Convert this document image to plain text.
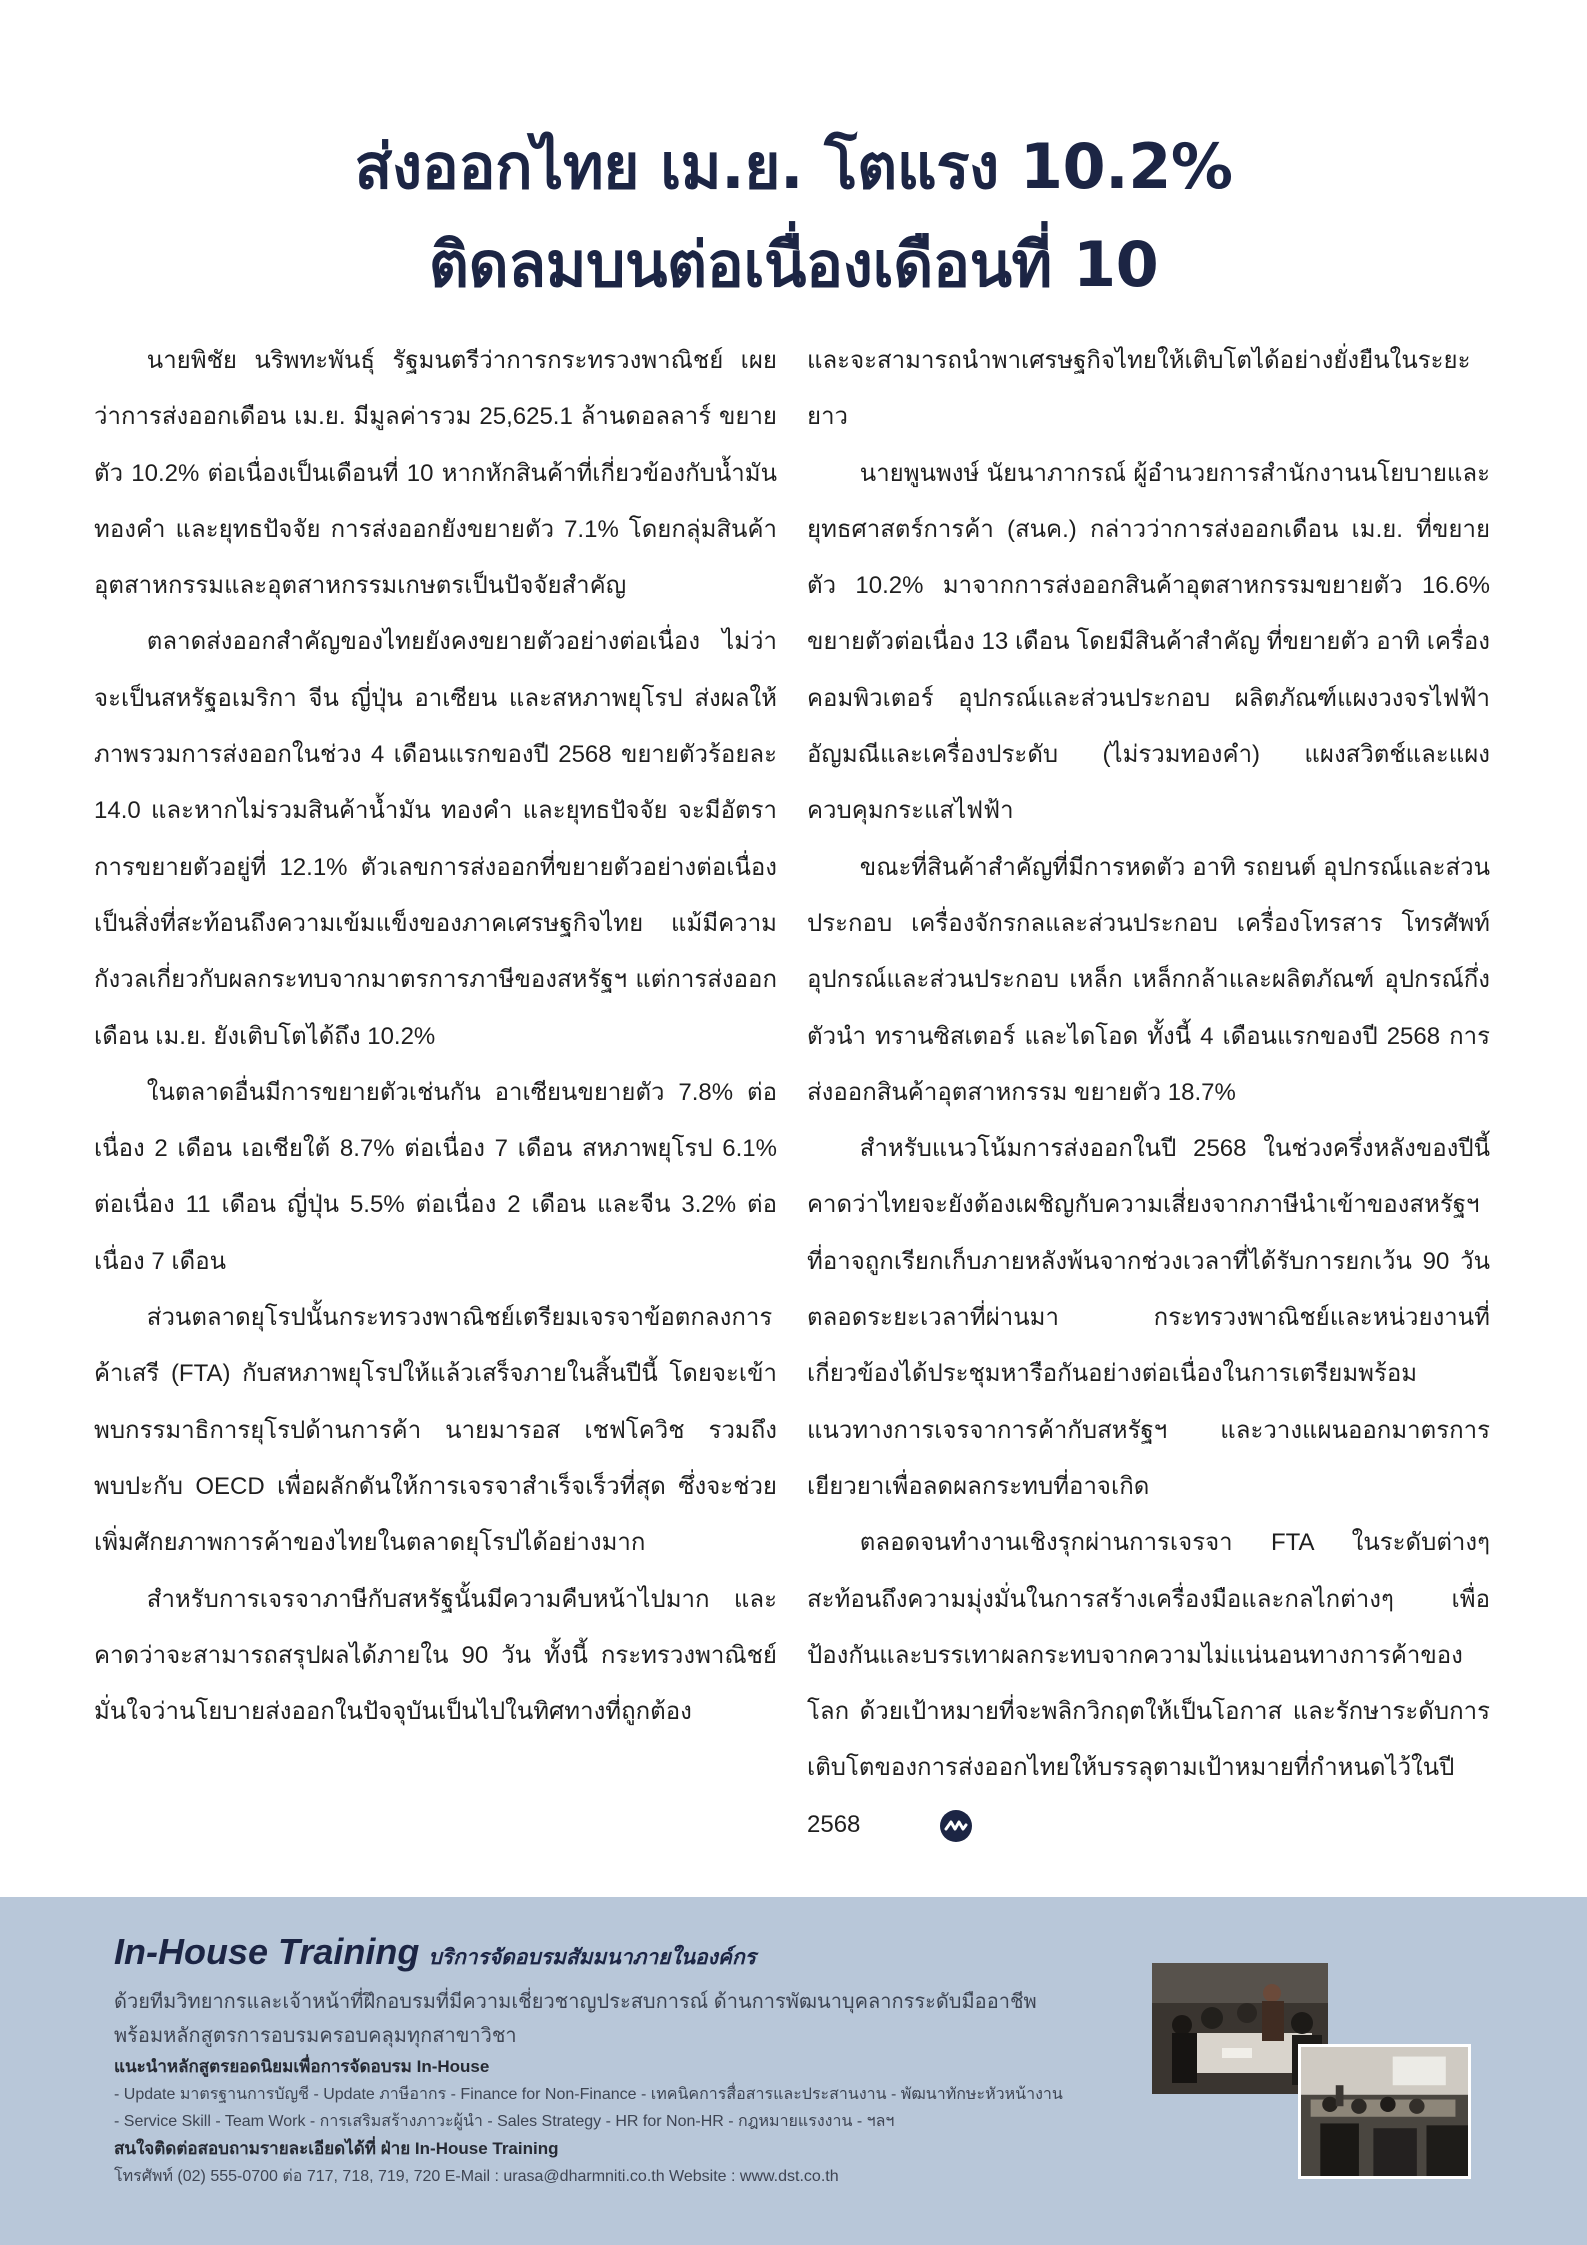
ส่งออกไทย เม.ย. โตแรง 10.2%
ติดลมบนต่อเนื่องเดือนที่ 10

นายพิชัย นริพทะพันธุ์ รัฐมนตรีว่าการกระทรวงพาณิชย์ เผยว่าการส่งออกเดือน เม.ย. มีมูลค่ารวม 25,625.1 ล้านดอลลาร์ ขยายตัว 10.2% ต่อเนื่องเป็นเดือนที่ 10 หากหักสินค้าที่เกี่ยวข้องกับน้ำมัน ทองคำ และยุทธปัจจัย การส่งออกยังขยายตัว 7.1% โดยกลุ่มสินค้าอุตสาหกรรมและอุตสาหกรรมเกษตรเป็นปัจจัยสำคัญ

ตลาดส่งออกสำคัญของไทยยังคงขยายตัวอย่างต่อเนื่อง ไม่ว่าจะเป็นสหรัฐอเมริกา จีน ญี่ปุ่น อาเซียน และสหภาพยุโรป ส่งผลให้ภาพรวมการส่งออกในช่วง 4 เดือนแรกของปี 2568 ขยายตัวร้อยละ 14.0 และหากไม่รวมสินค้าน้ำมัน ทองคำ และยุทธปัจจัย จะมีอัตราการขยายตัวอยู่ที่ 12.1% ตัวเลขการส่งออกที่ขยายตัวอย่างต่อเนื่องเป็นสิ่งที่สะท้อนถึงความเข้มแข็งของภาคเศรษฐกิจไทย แม้มีความกังวลเกี่ยวกับผลกระทบจากมาตรการภาษีของสหรัฐฯ แต่การส่งออกเดือน เม.ย. ยังเติบโตได้ถึง 10.2%

ในตลาดอื่นมีการขยายตัวเช่นกัน อาเซียนขยายตัว 7.8% ต่อเนื่อง 2 เดือน เอเชียใต้ 8.7% ต่อเนื่อง 7 เดือน สหภาพยุโรป 6.1% ต่อเนื่อง 11 เดือน ญี่ปุ่น 5.5% ต่อเนื่อง 2 เดือน และจีน 3.2% ต่อเนื่อง 7 เดือน

ส่วนตลาดยุโรปนั้นกระทรวงพาณิชย์เตรียมเจรจาข้อตกลงการค้าเสรี (FTA) กับสหภาพยุโรปให้แล้วเสร็จภายในสิ้นปีนี้ โดยจะเข้าพบกรรมาธิการยุโรปด้านการค้า นายมารอส เชฟโควิช รวมถึงพบปะกับ OECD เพื่อผลักดันให้การเจรจาสำเร็จเร็วที่สุด ซึ่งจะช่วยเพิ่มศักยภาพการค้าของไทยในตลาดยุโรปได้อย่างมาก

สำหรับการเจรจาภาษีกับสหรัฐนั้นมีความคืบหน้าไปมาก และคาดว่าจะสามารถสรุปผลได้ภายใน 90 วัน ทั้งนี้ กระทรวงพาณิชย์มั่นใจว่านโยบายส่งออกในปัจจุบันเป็นไปในทิศทางที่ถูกต้อง

และจะสามารถนำพาเศรษฐกิจไทยให้เติบโตได้อย่างยั่งยืนในระยะยาว

นายพูนพงษ์ นัยนาภากรณ์ ผู้อำนวยการสำนักงานนโยบายและยุทธศาสตร์การค้า (สนค.) กล่าวว่าการส่งออกเดือน เม.ย. ที่ขยายตัว 10.2% มาจากการส่งออกสินค้าอุตสาหกรรมขยายตัว 16.6% ขยายตัวต่อเนื่อง 13 เดือน โดยมีสินค้าสำคัญ ที่ขยายตัว อาทิ เครื่องคอมพิวเตอร์ อุปกรณ์และส่วนประกอบ ผลิตภัณฑ์แผงวงจรไฟฟ้า อัญมณีและเครื่องประดับ (ไม่รวมทองคำ) แผงสวิตช์และแผงควบคุมกระแสไฟฟ้า

ขณะที่สินค้าสำคัญที่มีการหดตัว อาทิ รถยนต์ อุปกรณ์และส่วนประกอบ เครื่องจักรกลและส่วนประกอบ เครื่องโทรสาร โทรศัพท์ อุปกรณ์และส่วนประกอบ เหล็ก เหล็กกล้าและผลิตภัณฑ์ อุปกรณ์กึ่งตัวนำ ทรานซิสเตอร์ และไดโอด ทั้งนี้ 4 เดือนแรกของปี 2568 การส่งออกสินค้าอุตสาหกรรม ขยายตัว 18.7%

สำหรับแนวโน้มการส่งออกในปี 2568 ในช่วงครึ่งหลังของปีนี้ คาดว่าไทยจะยังต้องเผชิญกับความเสี่ยงจากภาษีนำเข้าของสหรัฐฯ ที่อาจถูกเรียกเก็บภายหลังพ้นจากช่วงเวลาที่ได้รับการยกเว้น 90 วัน ตลอดระยะเวลาที่ผ่านมา กระทรวงพาณิชย์และหน่วยงานที่เกี่ยวข้องได้ประชุมหารือกันอย่างต่อเนื่องในการเตรียมพร้อมแนวทางการเจรจาการค้ากับสหรัฐฯ และวางแผนออกมาตรการเยียวยาเพื่อลดผลกระทบที่อาจเกิด

ตลอดจนทำงานเชิงรุกผ่านการเจรจา FTA ในระดับต่างๆ สะท้อนถึงความมุ่งมั่นในการสร้างเครื่องมือและกลไกต่างๆ เพื่อป้องกันและบรรเทาผลกระทบจากความไม่แน่นอนทางการค้าของโลก ด้วยเป้าหมายที่จะพลิกวิกฤตให้เป็นโอกาส และรักษาระดับการเติบโตของการส่งออกไทยให้บรรลุตามเป้าหมายที่กำหนดไว้ในปี 2568

In-House Training บริการจัดอบรมสัมมนาภายในองค์กร
ด้วยทีมวิทยากรและเจ้าหน้าที่ฝึกอบรมที่มีความเชี่ยวชาญประสบการณ์ ด้านการพัฒนาบุคลากรระดับมืออาชีพ
พร้อมหลักสูตรการอบรมครอบคลุมทุกสาขาวิชา
แนะนำหลักสูตรยอดนิยมเพื่อการจัดอบรม In-House
- Update มาตรฐานการบัญชี - Update ภาษีอากร - Finance for Non-Finance - เทคนิคการสื่อสารและประสานงาน - พัฒนาทักษะหัวหน้างาน
- Service Skill - Team Work - การเสริมสร้างภาวะผู้นำ - Sales Strategy - HR for Non-HR - กฎหมายแรงงาน - ฯลฯ
สนใจติดต่อสอบถามรายละเอียดได้ที่ ฝ่าย In-House Training
โทรศัพท์ (02) 555-0700 ต่อ 717, 718, 719, 720 E-Mail : urasa@dharmniti.co.th Website : www.dst.co.th
